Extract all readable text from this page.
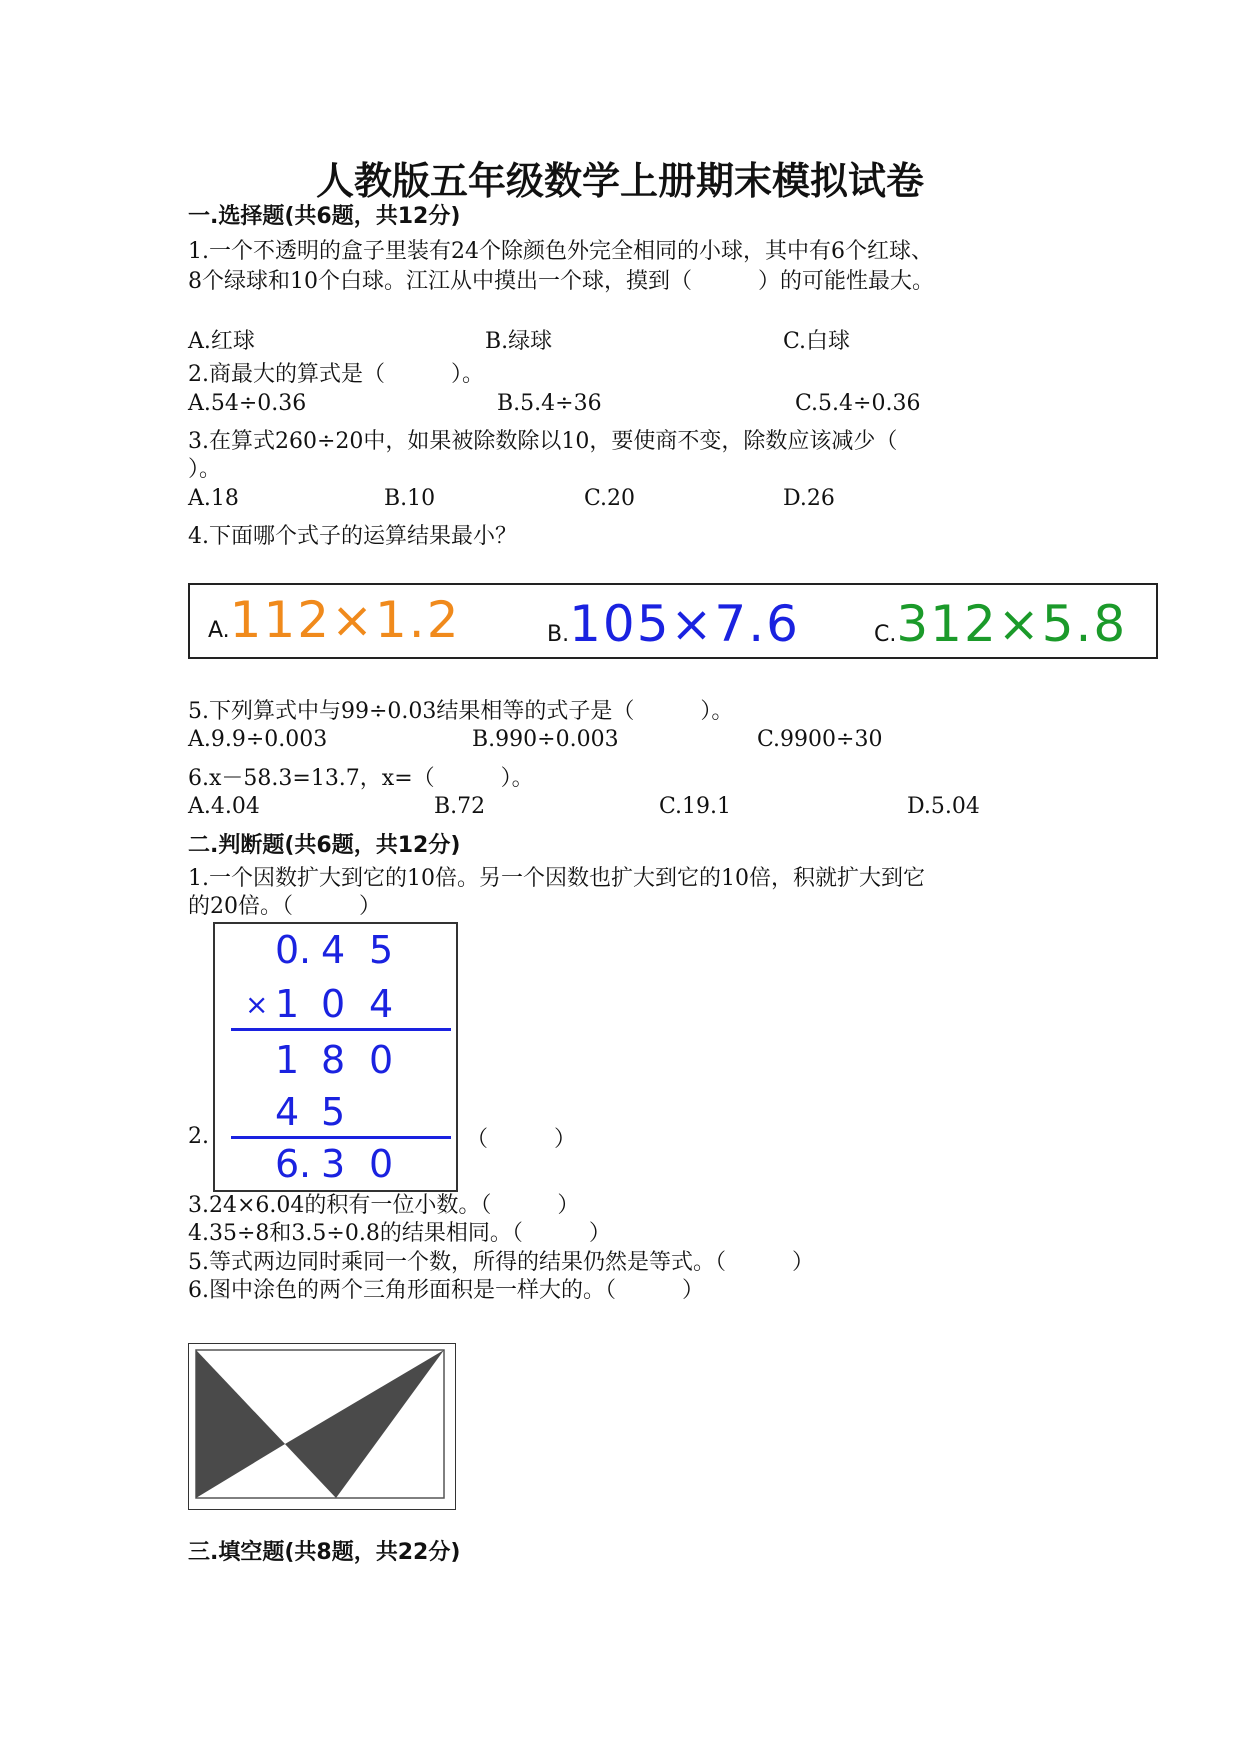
人教版五年级数学上册期末模拟试卷
一.选择题(共6题，共12分)
1.一个不透明的盒子里装有24个除颜色外完全相同的小球，其中有6个红球、
8个绿球和10个白球。江江从中摸出一个球，摸到（　　　）的可能性最大。
A.红球	B.绿球	C.白球
2.商最大的算式是（　　　）。
A.54÷0.36	B.5.4÷36	C.5.4÷0.36
3.在算式260÷20中，如果被除数除以10，要使商不变，除数应该减少（
）。
A.18	B.10	C.20	D.26
4.下面哪个式子的运算结果最小？
A.112×1.2	B.105×7.6	C.312×5.8
5.下列算式中与99÷0.03结果相等的式子是（　　　）。
A.9.9÷0.003	B.990÷0.003	C.9900÷30
6.x－58.3=13.7，x=（　　　）。
A.4.04	B.72	C.19.1	D.5.04
二.判断题(共6题，共12分)
1.一个因数扩大到它的10倍。另一个因数也扩大到它的10倍，积就扩大到它
的20倍。（　　　）
2.
0 . 4 5
× 1 0 4
1 8 0
4 5
6 . 3 0
（　　　）
3.24×6.04的积有一位小数。（　　　）
4.35÷8和3.5÷0.8的结果相同。（　　　）
5.等式两边同时乘同一个数，所得的结果仍然是等式。（　　　）
6.图中涂色的两个三角形面积是一样大的。（　　　）
三.填空题(共8题，共22分)
